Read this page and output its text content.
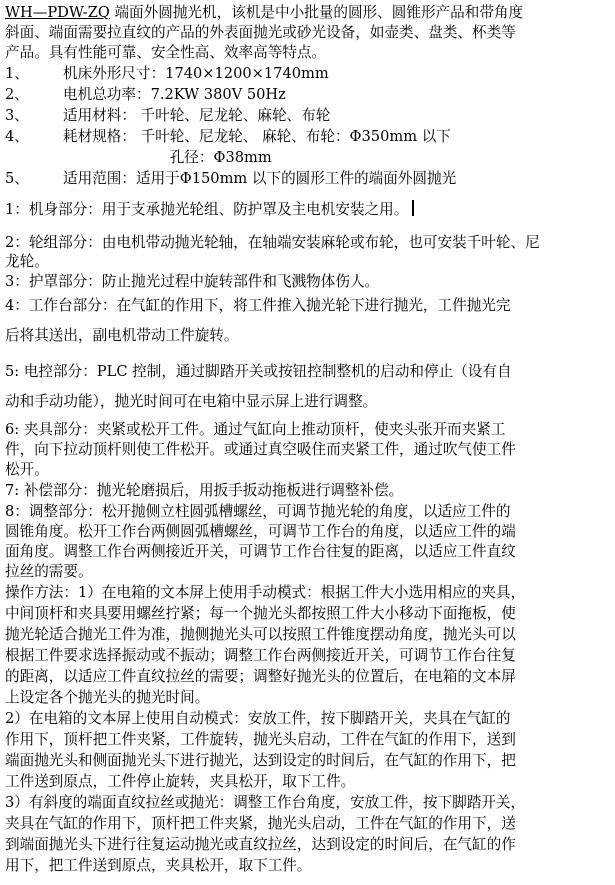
WH—PDW-ZQ 端面外圆抛光机，该机是中小批量的圆形、圆锥形产品和带角度
斜面、端面需要拉直纹的产品的外表面抛光或砂光设备，如壶类、盘类、杯类等
产品。具有性能可靠、安全性高、效率高等特点。
1、 机床外形尺寸：1740×1200×1740mm
2、 电机总功率：7.2KW 380V 50Hz
3、 适用材料： 千叶轮、尼龙轮、麻轮、布轮
4、 耗材规格： 千叶轮、尼龙轮、 麻轮、布轮：Φ350mm 以下
孔径：Φ38mm
5、 适用范围：适用于Φ150mm 以下的圆形工件的端面外圆抛光
1：机身部分：用于支承抛光轮组、防护罩及主电机安装之用。
2：轮组部分：由电机带动抛光轮轴，在轴端安装麻轮或布轮，也可安装千叶轮、尼
龙轮。
3：护罩部分：防止抛光过程中旋转部件和飞溅物体伤人。
4：工作台部分：在气缸的作用下，将工件推入抛光轮下进行抛光，工件抛光完
后将其送出，副电机带动工件旋转。
5: 电控部分：PLC 控制，通过脚踏开关或按钮控制整机的启动和停止（设有自
动和手动功能），抛光时间可在电箱中显示屏上进行调整。
6: 夹具部分：夹紧或松开工件。通过气缸向上推动顶杆，使夹头张开而夹紧工
件，向下拉动顶杆则使工件松开。或通过真空吸住而夹紧工件，通过吹气使工件
松开。
7: 补偿部分：抛光轮磨损后，用扳手扳动拖板进行调整补偿。
8：调整部分：松开抛侧立柱圆弧槽螺丝，可调节抛光轮的角度，以适应工件的
圆锥角度。松开工作台两侧圆弧槽螺丝，可调节工作台的角度，以适应工件的端
面角度。调整工作台两侧接近开关，可调节工作台往复的距离，以适应工件直纹
拉丝的需要。
操作方法：1）在电箱的文本屏上使用手动模式：根据工件大小选用相应的夹具，
中间顶杆和夹具要用螺丝拧紧；每一个抛光头都按照工件大小移动下面拖板，使
抛光轮适合抛光工件为准，抛侧抛光头可以按照工件锥度摆动角度，抛光头可以
根据工件要求选择振动或不振动；调整工作台两侧接近开关，可调节工作台往复
的距离，以适应工件直纹拉丝的需要；调整好抛光头的位置后，在电箱的文本屏
上设定各个抛光头的抛光时间。
2）在电箱的文本屏上使用自动模式：安放工件，按下脚踏开关，夹具在气缸的
作用下，顶杆把工件夹紧，工件旋转，抛光头启动，工件在气缸的作用下，送到
端面抛光头和侧面抛光头下进行抛光，达到设定的时间后，在气缸的作用下，把
工件送到原点，工件停止旋转，夹具松开，取下工件。
3）有斜度的端面直纹拉丝或抛光：调整工作台角度，安放工件，按下脚踏开关，
夹具在气缸的作用下，顶杆把工件夹紧，抛光头启动，工件在气缸的作用下，送
到端面抛光头下进行往复运动抛光或直纹拉丝，达到设定的时间后，在气缸的作
用下，把工件送到原点，夹具松开，取下工件。
